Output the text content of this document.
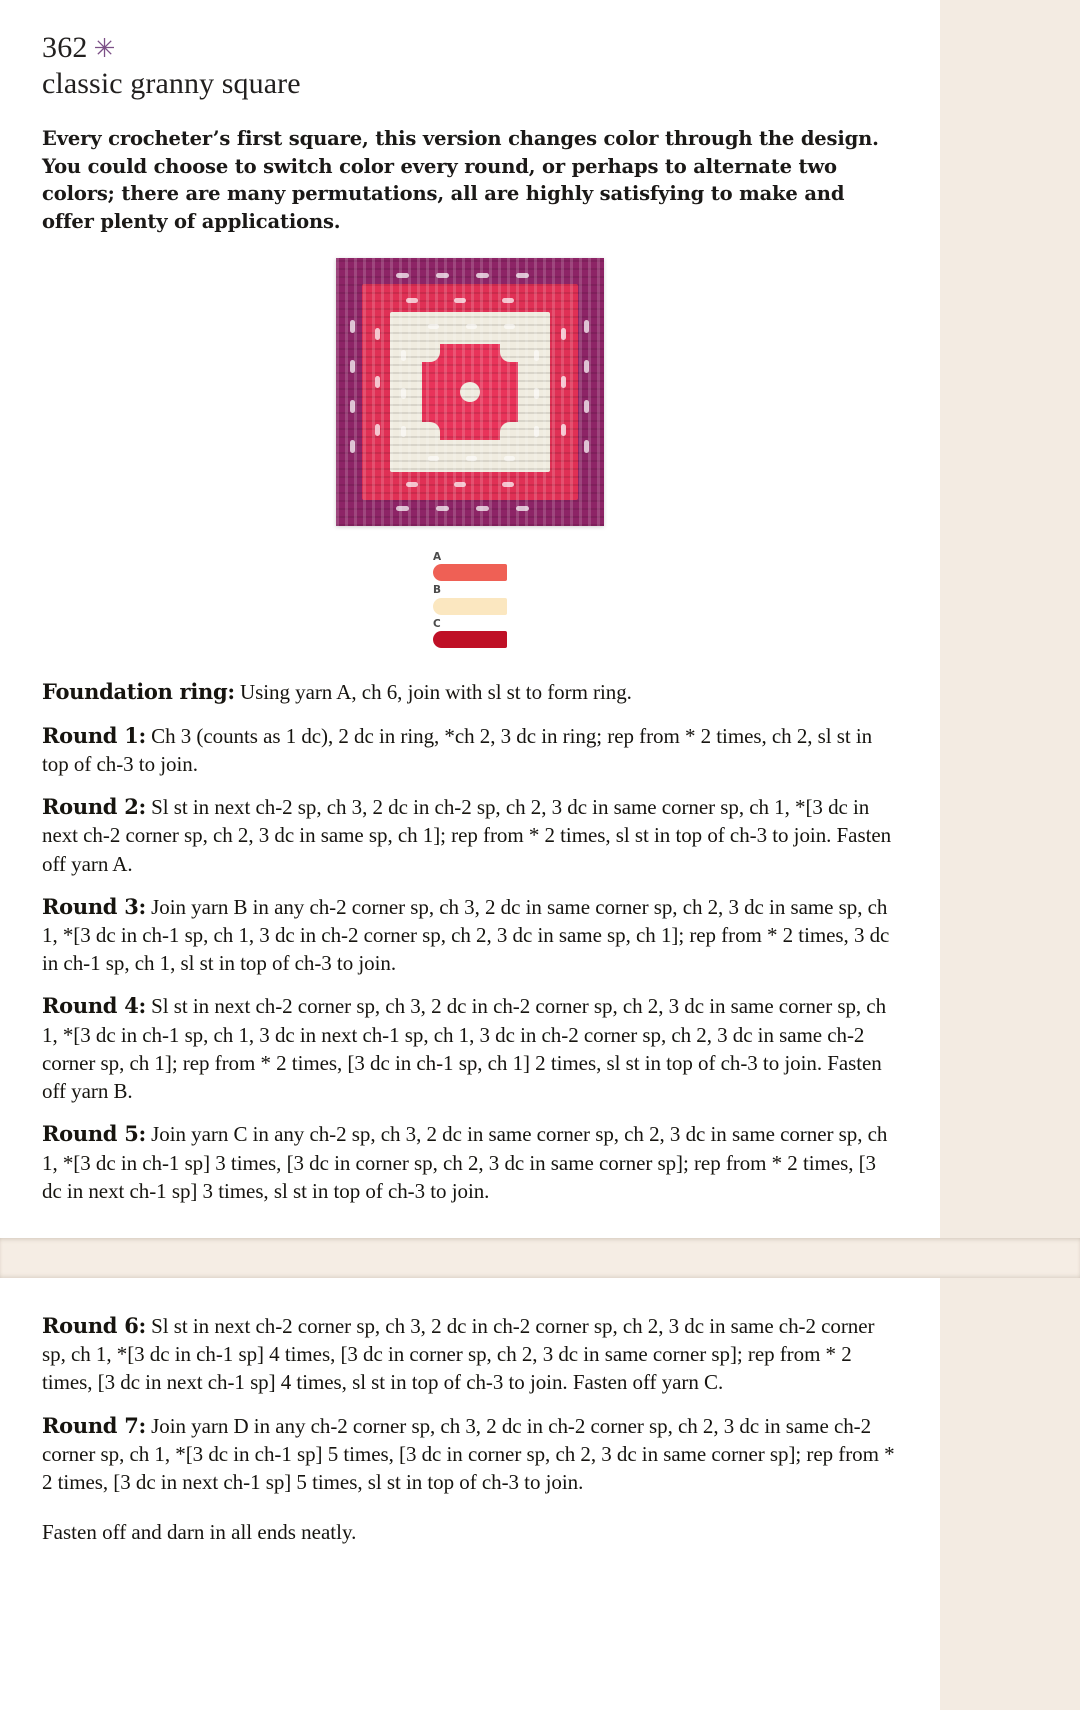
362 ✳
classic granny square
Every crocheter’s first square, this version changes color through the design. You could choose to switch color every round, or perhaps to alternate two colors; there are many permutations, all are highly satisfying to make and offer plenty of applications.
A
B
C

Foundation ring: Using yarn A, ch 6, join with sl st to form ring.

Round 1: Ch 3 (counts as 1 dc), 2 dc in ring, *ch 2, 3 dc in ring; rep from * 2 times, ch 2, sl st in top of ch-3 to join.

Round 2: Sl st in next ch-2 sp, ch 3, 2 dc in ch-2 sp, ch 2, 3 dc in same corner sp, ch 1, *[3 dc in next ch-2 corner sp, ch 2, 3 dc in same sp, ch 1]; rep from * 2 times, sl st in top of ch-3 to join. Fasten off yarn A.

Round 3: Join yarn B in any ch-2 corner sp, ch 3, 2 dc in same corner sp, ch 2, 3 dc in same sp, ch 1, *[3 dc in ch-1 sp, ch 1, 3 dc in ch-2 corner sp, ch 2, 3 dc in same sp, ch 1]; rep from * 2 times, 3 dc in ch-1 sp, ch 1, sl st in top of ch-3 to join.

Round 4: Sl st in next ch-2 corner sp, ch 3, 2 dc in ch-2 corner sp, ch 2, 3 dc in same corner sp, ch 1, *[3 dc in ch-1 sp, ch 1, 3 dc in next ch-1 sp, ch 1, 3 dc in ch-2 corner sp, ch 2, 3 dc in same ch-2 corner sp, ch 1]; rep from * 2 times, [3 dc in ch-1 sp, ch 1] 2 times, sl st in top of ch-3 to join. Fasten off yarn B.

Round 5: Join yarn C in any ch-2 sp, ch 3, 2 dc in same corner sp, ch 2, 3 dc in same corner sp, ch 1, *[3 dc in ch-1 sp] 3 times, [3 dc in corner sp, ch 2, 3 dc in same corner sp]; rep from * 2 times, [3 dc in next ch-1 sp] 3 times, sl st in top of ch-3 to join.

Round 6: Sl st in next ch-2 corner sp, ch 3, 2 dc in ch-2 corner sp, ch 2, 3 dc in same ch-2 corner sp, ch 1, *[3 dc in ch-1 sp] 4 times, [3 dc in corner sp, ch 2, 3 dc in same corner sp]; rep from * 2 times, [3 dc in next ch-1 sp] 4 times, sl st in top of ch-3 to join. Fasten off yarn C.

Round 7: Join yarn D in any ch-2 corner sp, ch 3, 2 dc in ch-2 corner sp, ch 2, 3 dc in same ch-2 corner sp, ch 1, *[3 dc in ch-1 sp] 5 times, [3 dc in corner sp, ch 2, 3 dc in same corner sp]; rep from * 2 times, [3 dc in next ch-1 sp] 5 times, sl st in top of ch-3 to join.

Fasten off and darn in all ends neatly.
